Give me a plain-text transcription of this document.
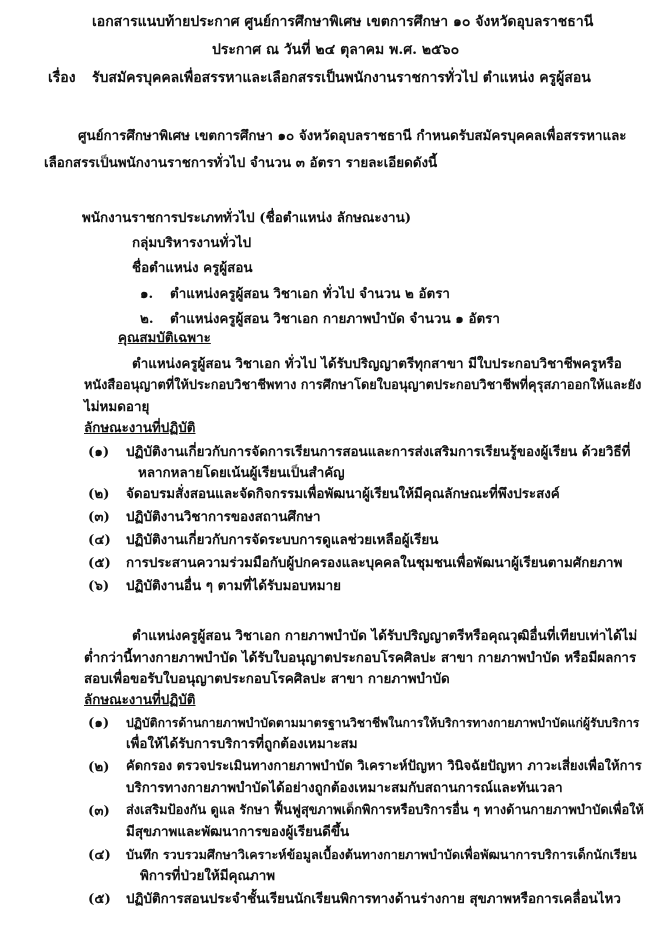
เอกสารแนบท้ายประกาศ ศูนย์การศึกษาพิเศษ เขตการศึกษา ๑๐ จังหวัดอุบลราชธานี
ประกาศ ณ วันที่ ๒๔ ตุลาคม พ.ศ. ๒๕๖๐
เรื่อง รับสมัครบุคคลเพื่อสรรหาและเลือกสรรเป็นพนักงานราชการทั่วไป ตำแหน่ง ครูผู้สอน
ศูนย์การศึกษาพิเศษ เขตการศึกษา ๑๐ จังหวัดอุบลราชธานี กำหนดรับสมัครบุคคลเพื่อสรรหาและ
เลือกสรรเป็นพนักงานราชการทั่วไป จำนวน ๓ อัตรา รายละเอียดดังนี้
พนักงานราชการประเภททั่วไป (ชื่อตำแหน่ง ลักษณะงาน)
กลุ่มบริหารงานทั่วไป
ชื่อตำแหน่ง ครูผู้สอน
๑. ตำแหน่งครูผู้สอน วิชาเอก ทั่วไป จำนวน ๒ อัตรา
๒. ตำแหน่งครูผู้สอน วิชาเอก กายภาพบำบัด จำนวน ๑ อัตรา
คุณสมบัติเฉพาะ
ตำแหน่งครูผู้สอน วิชาเอก ทั่วไป ได้รับปริญญาตรีทุกสาขา มีใบประกอบวิชาชีพครูหรือ
หนังสืออนุญาตที่ให้ประกอบวิชาชีพทาง การศึกษาโดยใบอนุญาตประกอบวิชาชีพที่คุรุสภาออกให้และยัง
ไม่หมดอายุ
ลักษณะงานที่ปฏิบัติ
(๑) ปฏิบัติงานเกี่ยวกับการจัดการเรียนการสอนและการส่งเสริมการเรียนรู้ของผู้เรียน ด้วยวิธีที่
หลากหลายโดยเน้นผู้เรียนเป็นสำคัญ
(๒) จัดอบรมสั่งสอนและจัดกิจกรรมเพื่อพัฒนาผู้เรียนให้มีคุณลักษณะที่พึงประสงค์
(๓) ปฏิบัติงานวิชาการของสถานศึกษา
(๔) ปฏิบัติงานเกี่ยวกับการจัดระบบการดูแลช่วยเหลือผู้เรียน
(๕) การประสานความร่วมมือกับผู้ปกครองและบุคคลในชุมชนเพื่อพัฒนาผู้เรียนตามศักยภาพ
(๖) ปฏิบัติงานอื่น ๆ ตามที่ได้รับมอบหมาย
ตำแหน่งครูผู้สอน วิชาเอก กายภาพบำบัด ได้รับปริญญาตรีหรือคุณวุฒิอื่นที่เทียบเท่าได้ไม่
ต่ำกว่านี้ทางกายภาพบำบัด ได้รับใบอนุญาตประกอบโรคศิลปะ สาขา กายภาพบำบัด หรือมีผลการ
สอบเพื่อขอรับใบอนุญาตประกอบโรคศิลปะ สาขา กายภาพบำบัด
ลักษณะงานที่ปฏิบัติ
(๑) ปฏิบัติการด้านกายภาพบำบัดตามมาตรฐานวิชาชีพในการให้บริการทางกายภาพบำบัดแก่ผู้รับบริการ
เพื่อให้ได้รับการบริการที่ถูกต้องเหมาะสม
(๒) คัดกรอง ตรวจประเมินทางกายภาพบำบัด วิเคราะห์ปัญหา วินิจฉัยปัญหา ภาวะเสี่ยงเพื่อให้การ
บริการทางกายภาพบำบัดได้อย่างถูกต้องเหมาะสมกับสถานการณ์และทันเวลา
(๓) ส่งเสริมป้องกัน ดูแล รักษา ฟื้นฟูสุขภาพเด็กพิการหรือบริการอื่น ๆ ทางด้านกายภาพบำบัดเพื่อให้
มีสุขภาพและพัฒนาการของผู้เรียนดีขึ้น
(๔) บันทึก รวบรวมศึกษาวิเคราะห์ข้อมูลเบื้องต้นทางกายภาพบำบัดเพื่อพัฒนาการบริการเด็กนักเรียน
พิการที่ป่วยให้มีคุณภาพ
(๕) ปฏิบัติการสอนประจำชั้นเรียนนักเรียนพิการทางด้านร่างกาย สุขภาพหรือการเคลื่อนไหว
